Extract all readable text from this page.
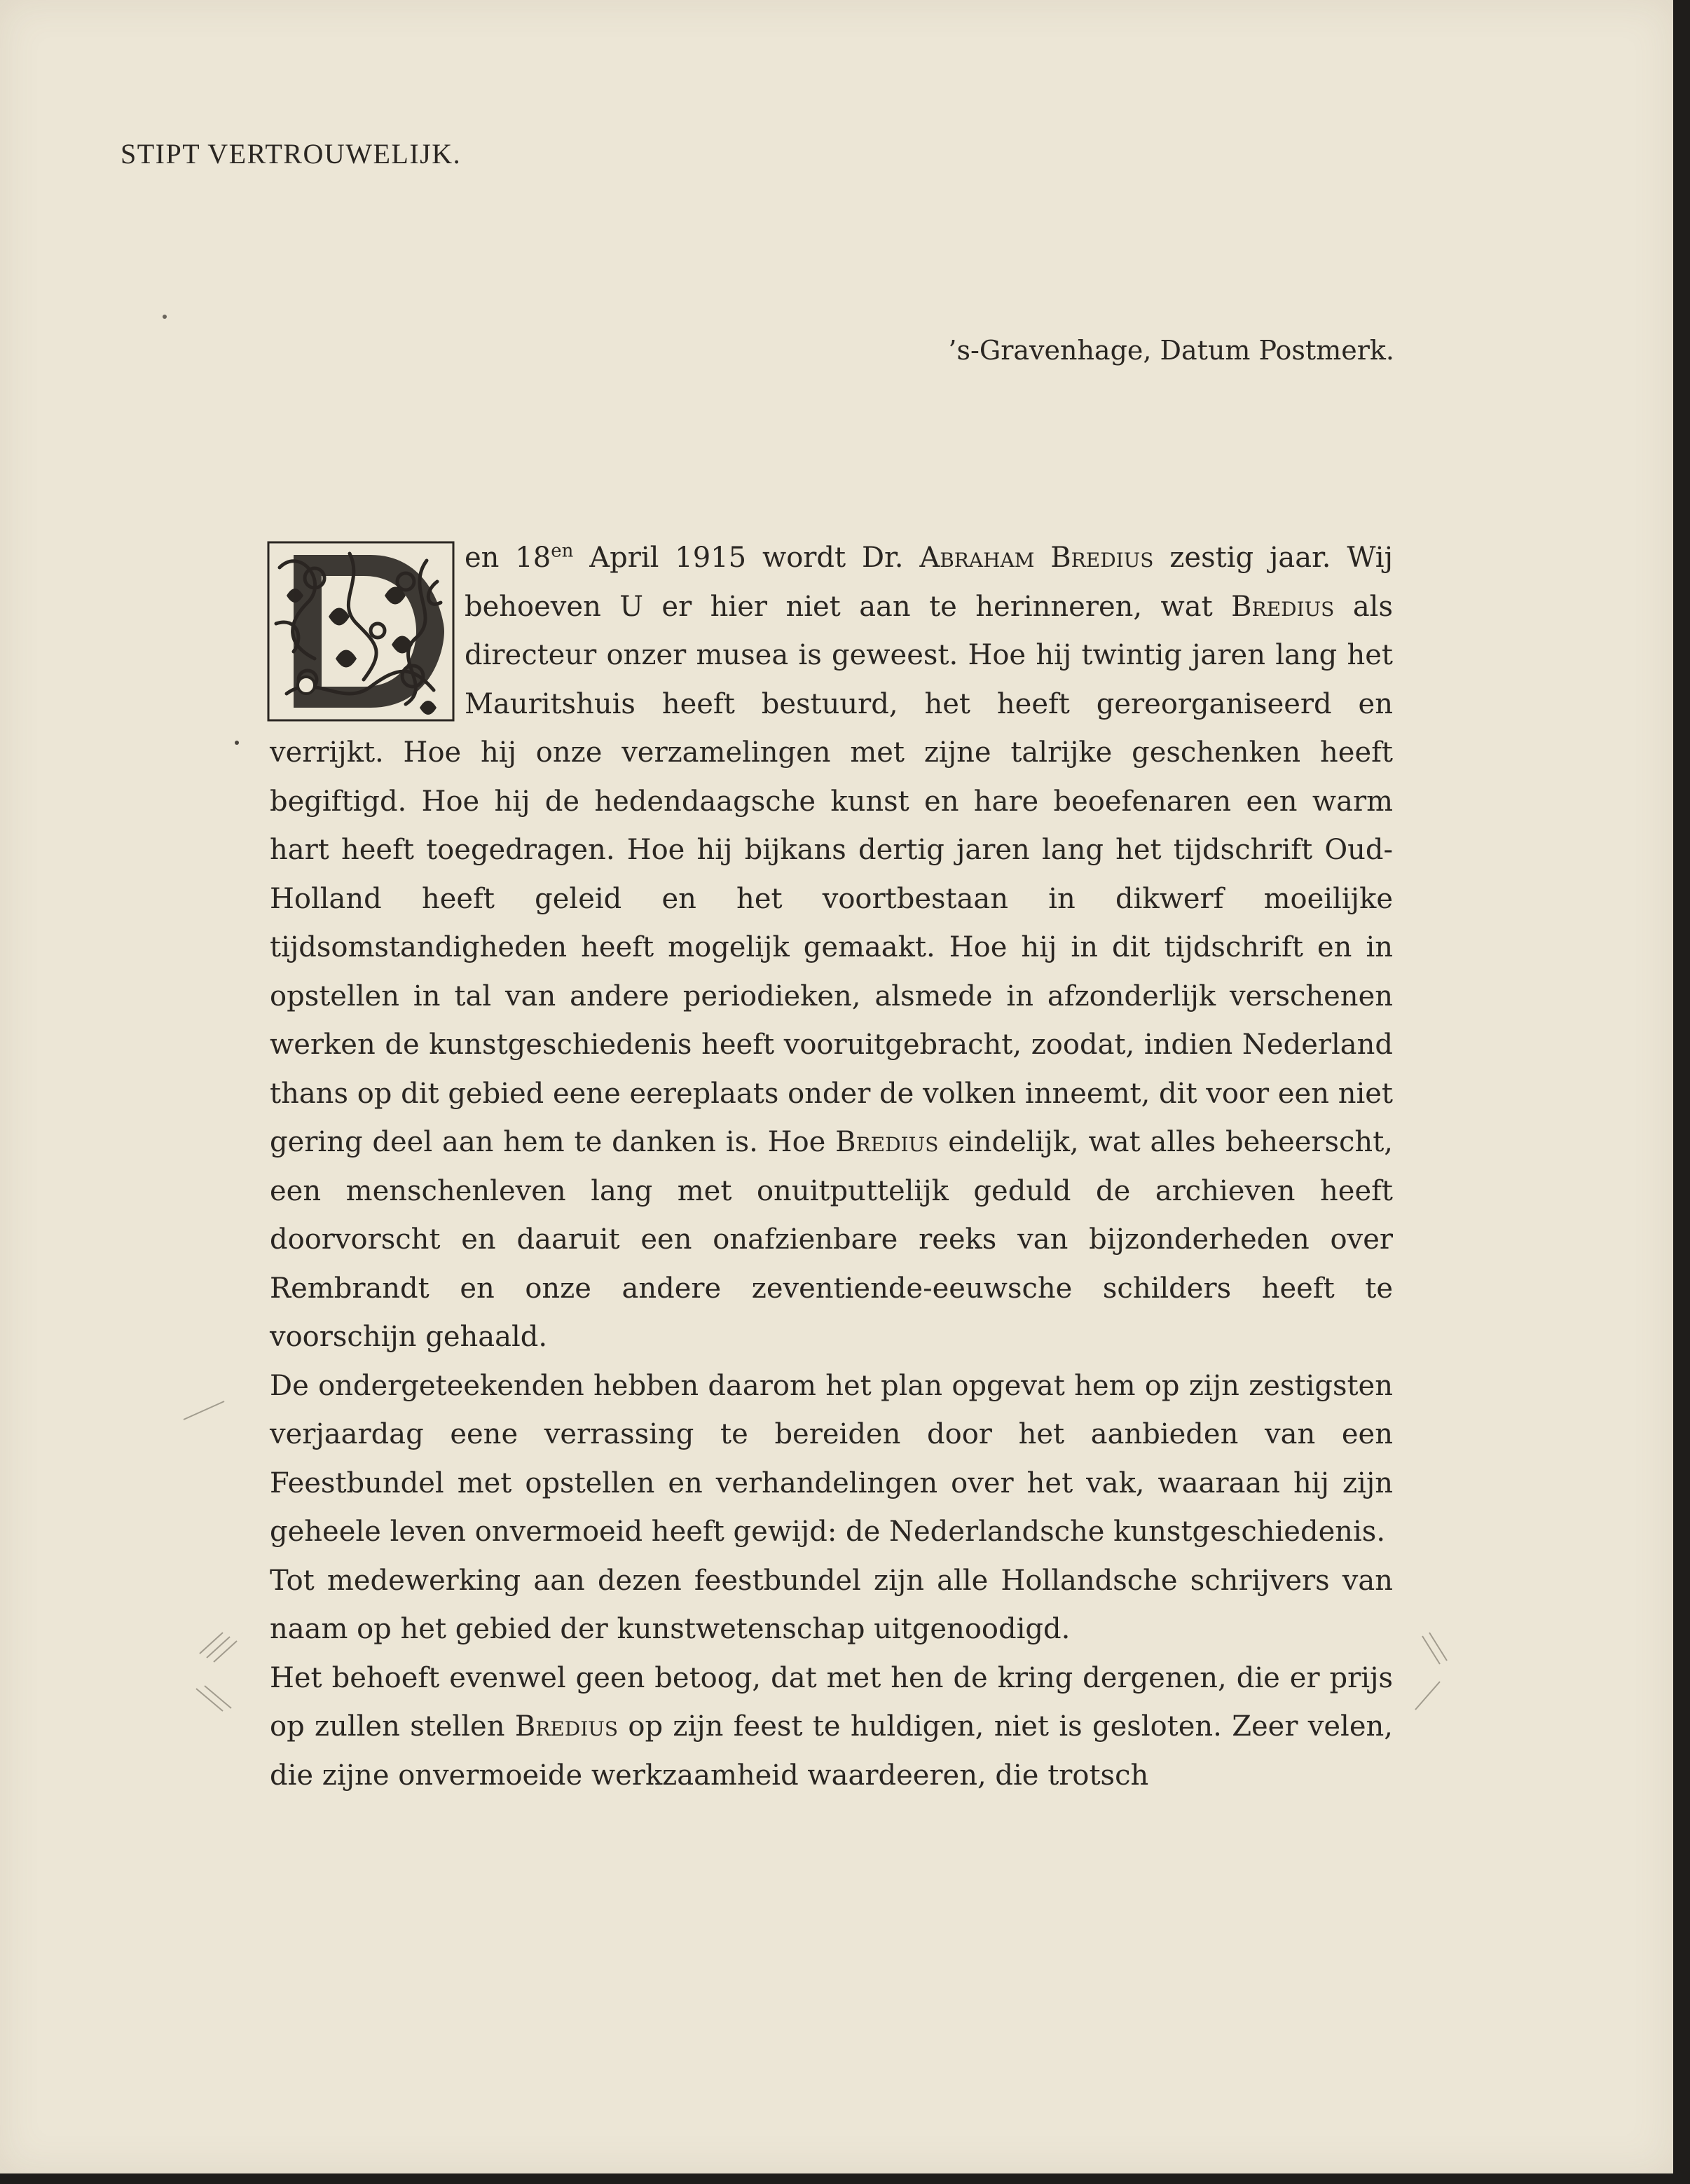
STIPT VERTROUWELIJK.
’s-Gravenhage, Datum Postmerk.

en $18^{en}$ April 1915 wordt Dr. Abraham Bredius zestig jaar. Wij behoeven U er hier niet aan te herinneren, wat Bredius als directeur onzer musea is geweest. Hoe hij twintig jaren lang het Mauritshuis heeft bestuurd, het heeft gereorganiseerd en verrijkt. Hoe hij onze verzamelingen met zijne talrijke geschenken heeft begiftigd. Hoe hij de hedendaagsche kunst en hare beoefenaren een warm hart heeft toegedragen. Hoe hij bijkans dertig jaren lang het tijdschrift Oud-Holland heeft geleid en het voortbestaan in dikwerf moeilijke tijdsomstandigheden heeft mogelijk gemaakt. Hoe hij in dit tijdschrift en in opstellen in tal van andere periodieken, alsmede in afzonderlijk verschenen werken de kunstgeschiedenis heeft vooruitgebracht, zoodat, indien Nederland thans op dit gebied eene eereplaats onder de volken inneemt, dit voor een niet gering deel aan hem te danken is. Hoe Bredius eindelijk, wat alles beheerscht, een menschenleven lang met onuitputtelijk geduld de archieven heeft doorvorscht en daaruit een onafzienbare reeks van bijzonderheden over Rembrandt en onze andere zeventiende-eeuwsche schilders heeft te voorschijn gehaald.

De ondergeteekenden hebben daarom het plan opgevat hem op zijn zestigsten verjaardag eene verrassing te bereiden door het aanbieden van een Feestbundel met opstellen en verhandelingen over het vak, waaraan hij zijn geheele leven onvermoeid heeft gewijd: de Nederlandsche kunstgeschiedenis.

Tot medewerking aan dezen feestbundel zijn alle Hollandsche schrijvers van naam op het gebied der kunstwetenschap uitgenoodigd.

Het behoeft evenwel geen betoog, dat met hen de kring dergenen, die er prijs op zullen stellen Bredius op zijn feest te huldigen, niet is gesloten. Zeer velen, die zijne onvermoeide werkzaamheid waardeeren, die trotsch
